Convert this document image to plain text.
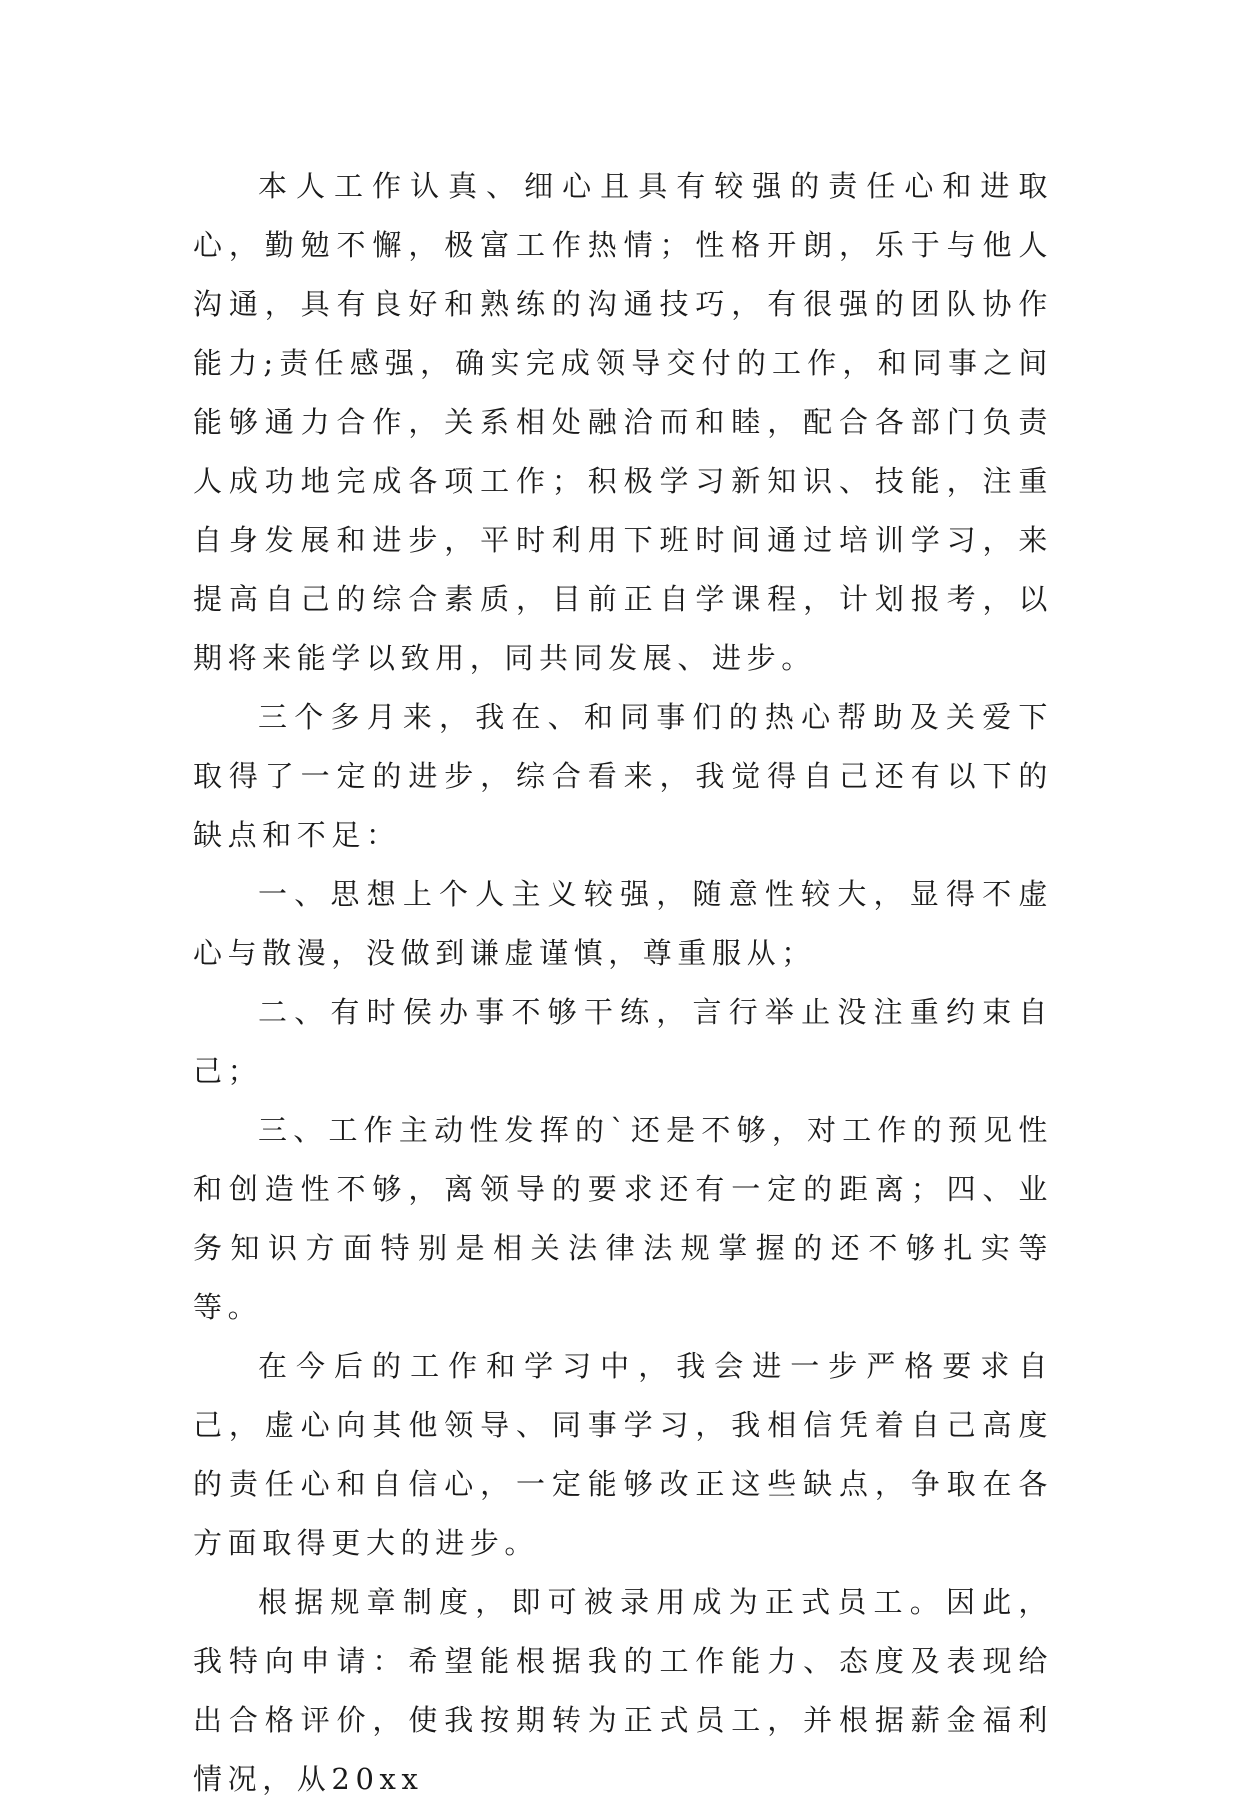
本人工作认真、细心且具有较强的责任心和进取心，勤勉不懈，极富工作热情；性格开朗，乐于与他人沟通，具有良好和熟练的沟通技巧，有很强的团队协作能力;责任感强，确实完成领导交付的工作，和同事之间能够通力合作，关系相处融洽而和睦，配合各部门负责人成功地完成各项工作；积极学习新知识、技能，注重自身发展和进步，平时利用下班时间通过培训学习，来提高自己的综合素质，目前正自学课程，计划报考，以期将来能学以致用，同共同发展、进步。

三个多月来，我在、和同事们的热心帮助及关爱下取得了一定的进步，综合看来，我觉得自己还有以下的缺点和不足：

一、思想上个人主义较强，随意性较大，显得不虚心与散漫，没做到谦虚谨慎，尊重服从；

二、有时侯办事不够干练，言行举止没注重约束自己；

三、工作主动性发挥的`还是不够，对工作的预见性和创造性不够，离领导的要求还有一定的距离；四、业务知识方面特别是相关法律法规掌握的还不够扎实等等。

在今后的工作和学习中，我会进一步严格要求自己，虚心向其他领导、同事学习，我相信凭着自己高度的责任心和自信心，一定能够改正这些缺点，争取在各方面取得更大的进步。

根据规章制度，即可被录用成为正式员工。因此，我特向申请：希望能根据我的工作能力、态度及表现给出合格评价，使我按期转为正式员工，并根据薪金福利情况，从20xx
